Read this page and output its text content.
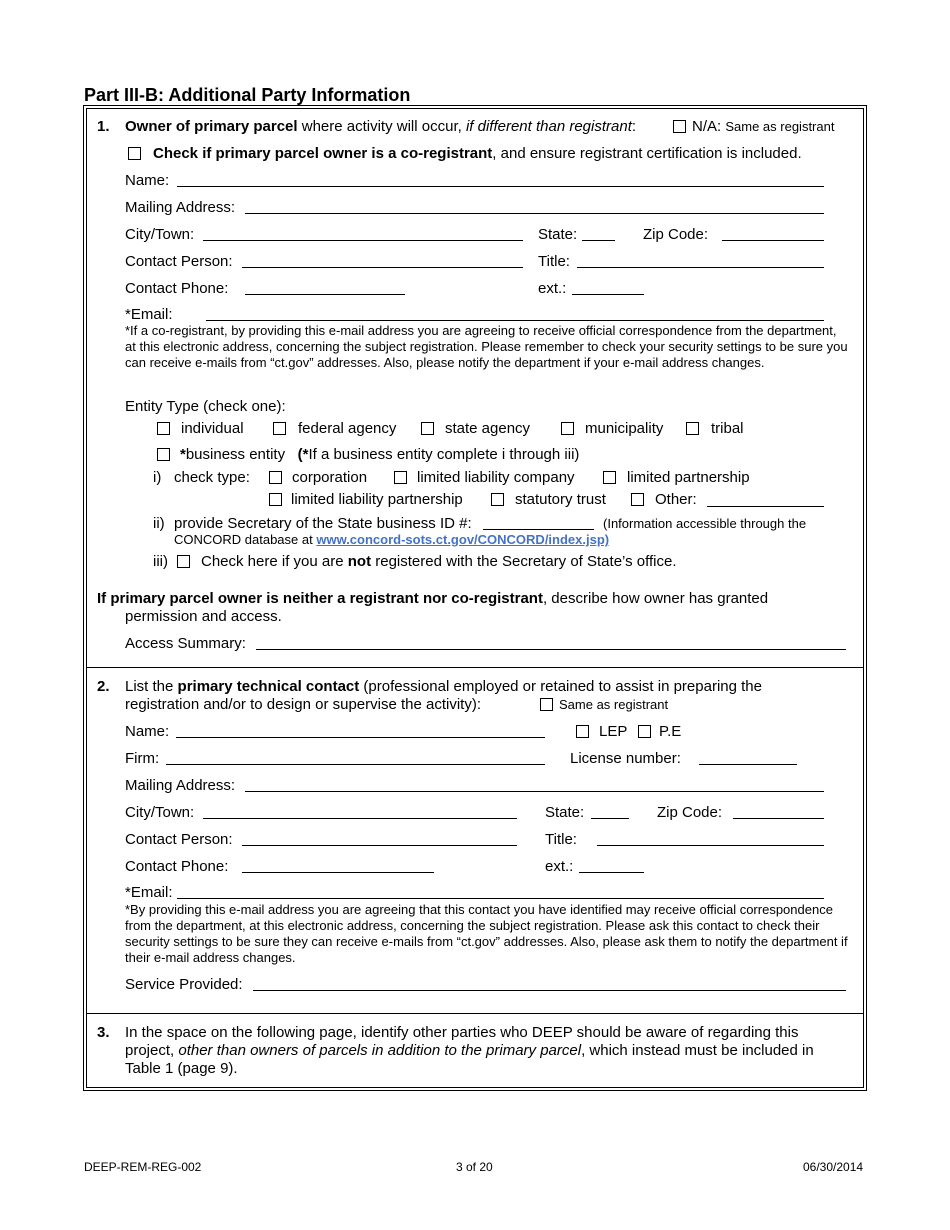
Part III-B: Additional Party Information
1. Owner of primary parcel where activity will occur, if different than registrant:	N/A: Same as registrant
Check if primary parcel owner is a co-registrant, and ensure registrant certification is included.
Name:
Mailing Address:
City/Town:	State:	Zip Code:
Contact Person:	Title:
Contact Phone:	ext.:
*Email:
*If a co-registrant, by providing this e-mail address you are agreeing to receive official correspondence from the department, at this electronic address, concerning the subject registration. Please remember to check your security settings to be sure you can receive e-mails from “ct.gov” addresses. Also, please notify the department if your e-mail address changes.
Entity Type (check one):
individual	federal agency	state agency	municipality	tribal
*business entity (*If a business entity complete i through iii)
i) check type:	corporation	limited liability company	limited partnership
limited liability partnership	statutory trust	Other:
ii) provide Secretary of the State business ID #:	(Information accessible through the
CONCORD database at www.concord-sots.ct.gov/CONCORD/index.jsp)
iii) Check here if you are not registered with the Secretary of State’s office.
If primary parcel owner is neither a registrant nor co-registrant, describe how owner has granted
permission and access.
Access Summary:
2. List the primary technical contact (professional employed or retained to assist in preparing the
registration and/or to design or supervise the activity):	Same as registrant
Name:	LEP P.E
Firm:	License number:
Mailing Address:
City/Town:	State:	Zip Code:
Contact Person:	Title:
Contact Phone:	ext.:
*Email:
*By providing this e-mail address you are agreeing that this contact you have identified may receive official correspondence from the department, at this electronic address, concerning the subject registration. Please ask this contact to check their security settings to be sure they can receive e-mails from “ct.gov” addresses. Also, please ask them to notify the department if their e-mail address changes.
Service Provided:
3. In the space on the following page, identify other parties who DEEP should be aware of regarding this project, other than owners of parcels in addition to the primary parcel, which instead must be included in Table 1 (page 9).
DEEP-REM-REG-002	3 of 20	06/30/2014
